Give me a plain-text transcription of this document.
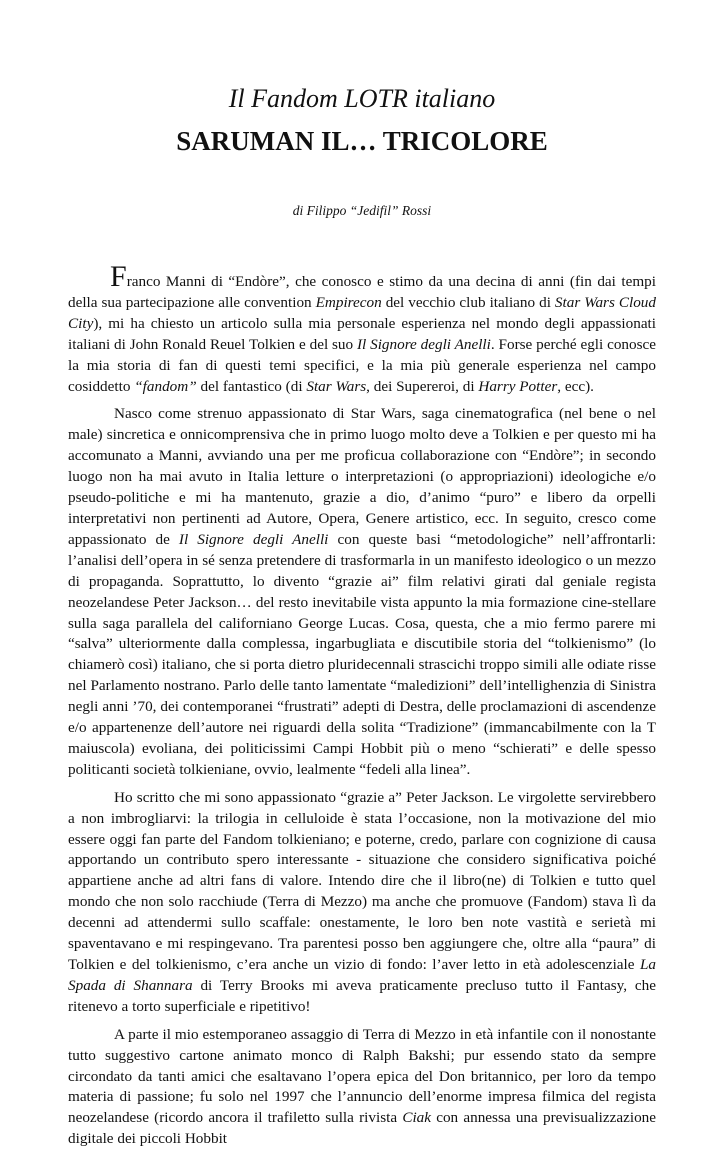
Il Fandom LOTR italiano
SARUMAN IL… TRICOLORE
di Filippo “Jedifil” Rossi

Franco Manni di “Endòre”, che conosco e stimo da una decina di anni (fin dai tempi della sua partecipazione alle convention Empirecon del vecchio club italiano di Star Wars Cloud City), mi ha chiesto un articolo sulla mia personale esperienza nel mondo degli appassionati italiani di John Ronald Reuel Tolkien e del suo Il Signore degli Anelli. Forse perché egli conosce la mia storia di fan di questi temi specifici, e la mia più generale esperienza nel campo cosiddetto “fandom” del fantastico (di Star Wars, dei Supereroi, di Harry Potter, ecc).

Nasco come strenuo appassionato di Star Wars, saga cinematografica (nel bene o nel male) sincretica e onnicomprensiva che in primo luogo molto deve a Tolkien e per questo mi ha accomunato a Manni, avviando una per me proficua collaborazione con “Endòre”; in secondo luogo non ha mai avuto in Italia letture o interpretazioni (o appropriazioni) ideologiche e/o pseudo-politiche e mi ha mantenuto, grazie a dio, d’animo “puro” e libero da orpelli interpretativi non pertinenti ad Autore, Opera, Genere artistico, ecc. In seguito, cresco come appassionato de Il Signore degli Anelli con queste basi “metodologiche” nell’affrontarli: l’analisi dell’opera in sé senza pretendere di trasformarla in un manifesto ideologico o un mezzo di propaganda. Soprattutto, lo divento “grazie ai” film relativi girati dal geniale regista neozelandese Peter Jackson… del resto inevitabile vista appunto la mia formazione cine-stellare sulla saga parallela del californiano George Lucas. Cosa, questa, che a mio fermo parere mi “salva” ulteriormente dalla complessa, ingarbugliata e discutibile storia del “tolkienismo” (lo chiamerò così) italiano, che si porta dietro pluridecennali strascichi troppo simili alle odiate risse nel Parlamento nostrano. Parlo delle tanto lamentate “maledizioni” dell’intellighenzia di Sinistra negli anni ’70, dei contemporanei “frustrati” adepti di Destra, delle proclamazioni di ascendenze e/o appartenenze dell’autore nei riguardi della solita “Tradizione” (immancabilmente con la T maiuscola) evoliana, dei politicissimi Campi Hobbit più o meno “schierati” e delle spesso politicanti società tolkieniane, ovvio, lealmente “fedeli alla linea”.

Ho scritto che mi sono appassionato “grazie a” Peter Jackson. Le virgolette servirebbero a non imbrogliarvi: la trilogia in celluloide è stata l’occasione, non la motivazione del mio essere oggi fan parte del Fandom tolkieniano; e poterne, credo, parlare con cognizione di causa apportando un contributo spero interessante - situazione che considero significativa poiché appartiene anche ad altri fans di valore. Intendo dire che il libro(ne) di Tolkien e tutto quel mondo che non solo racchiude (Terra di Mezzo) ma anche che promuove (Fandom) stava lì da decenni ad attendermi sullo scaffale: onestamente, le loro ben note vastità e serietà mi spaventavano e mi respingevano. Tra parentesi posso ben aggiungere che, oltre alla “paura” di Tolkien e del tolkienismo, c’era anche un vizio di fondo: l’aver letto in età adolescenziale La Spada di Shannara di Terry Brooks mi aveva praticamente precluso tutto il Fantasy, che ritenevo a torto superficiale e ripetitivo!

A parte il mio estemporaneo assaggio di Terra di Mezzo in età infantile con il nonostante tutto suggestivo cartone animato monco di Ralph Bakshi; pur essendo stato da sempre circondato da tanti amici che esaltavano l’opera epica del Don britannico, per loro da tempo materia di passione; fu solo nel 1997 che l’annuncio dell’enorme impresa filmica del regista neozelandese (ricordo ancora il trafiletto sulla rivista Ciak con annessa una previsualizzazione digitale dei piccoli Hobbit
